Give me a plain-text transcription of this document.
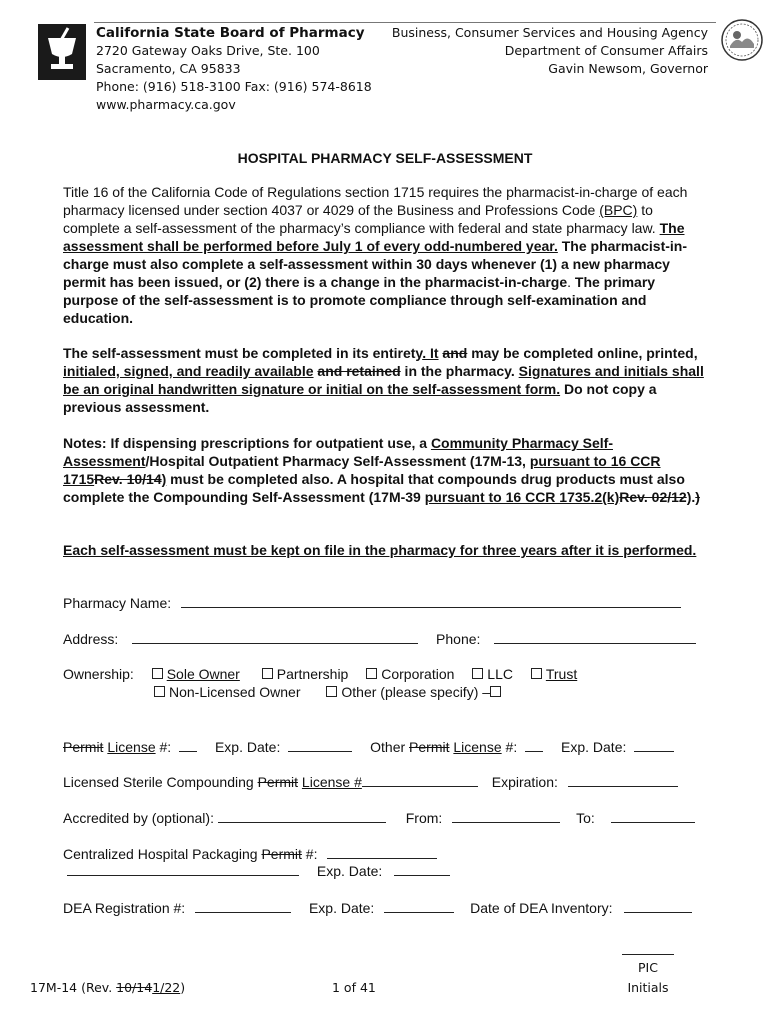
California State Board of Pharmacy
2720 Gateway Oaks Drive, Ste. 100
Sacramento, CA 95833
Phone: (916) 518-3100 Fax: (916) 574-8618
www.pharmacy.ca.gov
Business, Consumer Services and Housing Agency
Department of Consumer Affairs
Gavin Newsom, Governor
HOSPITAL PHARMACY SELF-ASSESSMENT
Title 16 of the California Code of Regulations section 1715 requires the pharmacist-in-charge of each pharmacy licensed under section 4037 or 4029 of the Business and Professions Code (BPC) to complete a self-assessment of the pharmacy’s compliance with federal and state pharmacy law. The assessment shall be performed before July 1 of every odd-numbered year. The pharmacist-in-charge must also complete a self-assessment within 30 days whenever (1) a new pharmacy permit has been issued, or (2) there is a change in the pharmacist-in-charge. The primary purpose of the self-assessment is to promote compliance through self-examination and education.
The self-assessment must be completed in its entirety. It and may be completed online, printed, initialed, signed, and readily available and retained in the pharmacy. Signatures and initials shall be an original handwritten signature or initial on the self-assessment form. Do not copy a previous assessment.
Notes: If dispensing prescriptions for outpatient use, a Community Pharmacy Self-Assessment/Hospital Outpatient Pharmacy Self-Assessment (17M-13, pursuant to 16 CCR 1715Rev. 10/14) must be completed also. A hospital that compounds drug products must also complete the Compounding Self-Assessment (17M-39 pursuant to 16 CCR 1735.2(k)Rev. 02/12).)
Each self-assessment must be kept on file in the pharmacy for three years after it is performed.
Pharmacy Name:
Address:	Phone:
Ownership: Sole Owner	Partnership Corporation LLC Trust
Non-Licensed Owner	Other (please specify) –
Permit License #:	Exp. Date:	Other Permit License #:	Exp. Date:
Licensed Sterile Compounding Permit License #	Expiration:
Accredited by (optional):	From:	To:
Centralized Hospital Packaging Permit #:
Exp. Date:
DEA Registration #:	Exp. Date:	Date of DEA Inventory:
17M-14 (Rev. 10/141/22)	1 of 41
PIC
Initials
